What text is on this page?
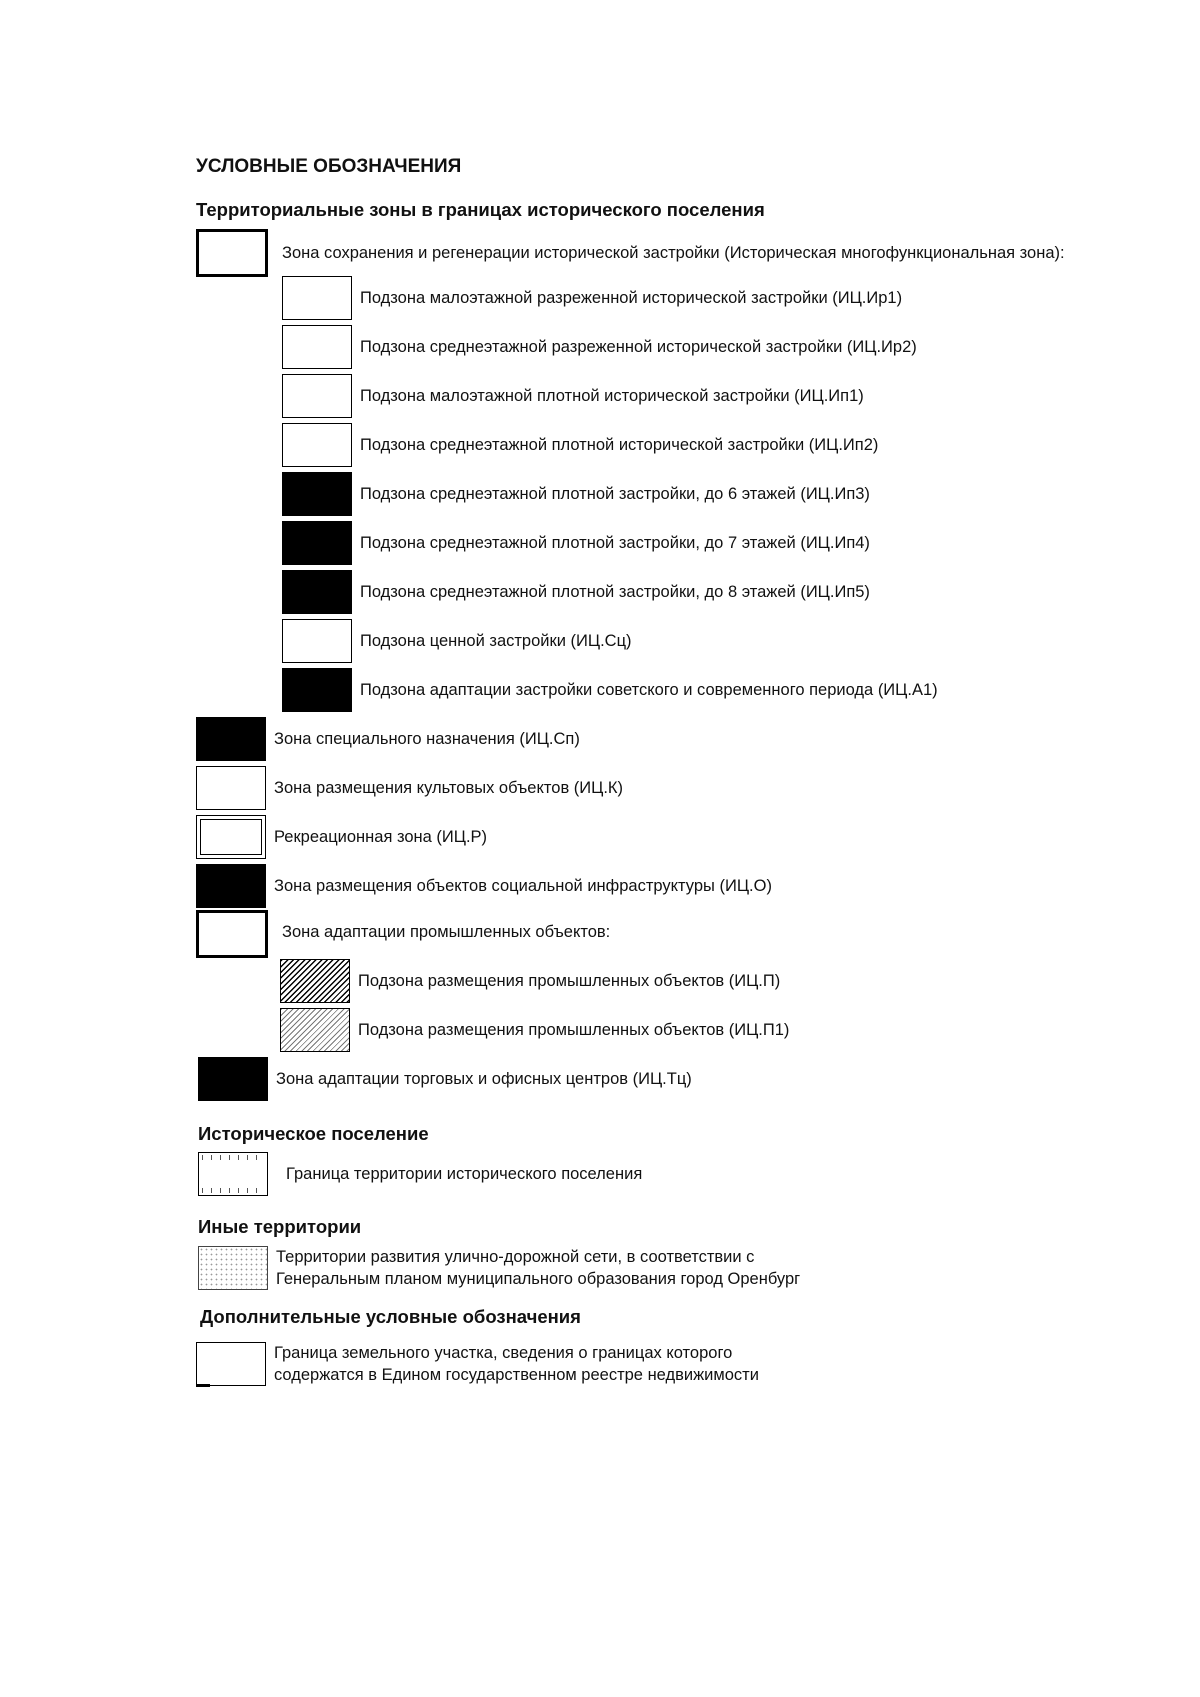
УСЛОВНЫЕ ОБОЗНАЧЕНИЯ
Территориальные зоны в границах исторического поселения
Зона сохранения и регенерации исторической застройки (Историческая многофункциональная зона):
Подзона малоэтажной разреженной исторической застройки (ИЦ.Ир1)
Подзона среднеэтажной разреженной исторической застройки (ИЦ.Ир2)
Подзона малоэтажной плотной исторической застройки (ИЦ.Ип1)
Подзона среднеэтажной плотной исторической застройки (ИЦ.Ип2)
Подзона среднеэтажной плотной застройки, до 6 этажей (ИЦ.Ип3)
Подзона среднеэтажной плотной застройки, до 7 этажей (ИЦ.Ип4)
Подзона среднеэтажной плотной застройки, до 8 этажей (ИЦ.Ип5)
Подзона ценной застройки (ИЦ.Сц)
Подзона адаптации застройки советского и современного периода (ИЦ.А1)
Зона специального назначения (ИЦ.Сп)
Зона размещения культовых объектов (ИЦ.К)
Рекреационная зона (ИЦ.Р)
Зона размещения объектов социальной инфраструктуры (ИЦ.О)
Зона адаптации промышленных объектов:
Подзона размещения промышленных объектов (ИЦ.П)
Подзона размещения промышленных объектов (ИЦ.П1)
Зона адаптации торговых и офисных центров (ИЦ.Тц)
Историческое поселение
Граница территории исторического поселения
Иные территории
Территории развития улично-дорожной сети, в соответствии с
Генеральным планом муниципального образования город Оренбург
Дополнительные условные обозначения
Граница земельного участка, сведения о границах которого
содержатся в Едином государственном реестре недвижимости
